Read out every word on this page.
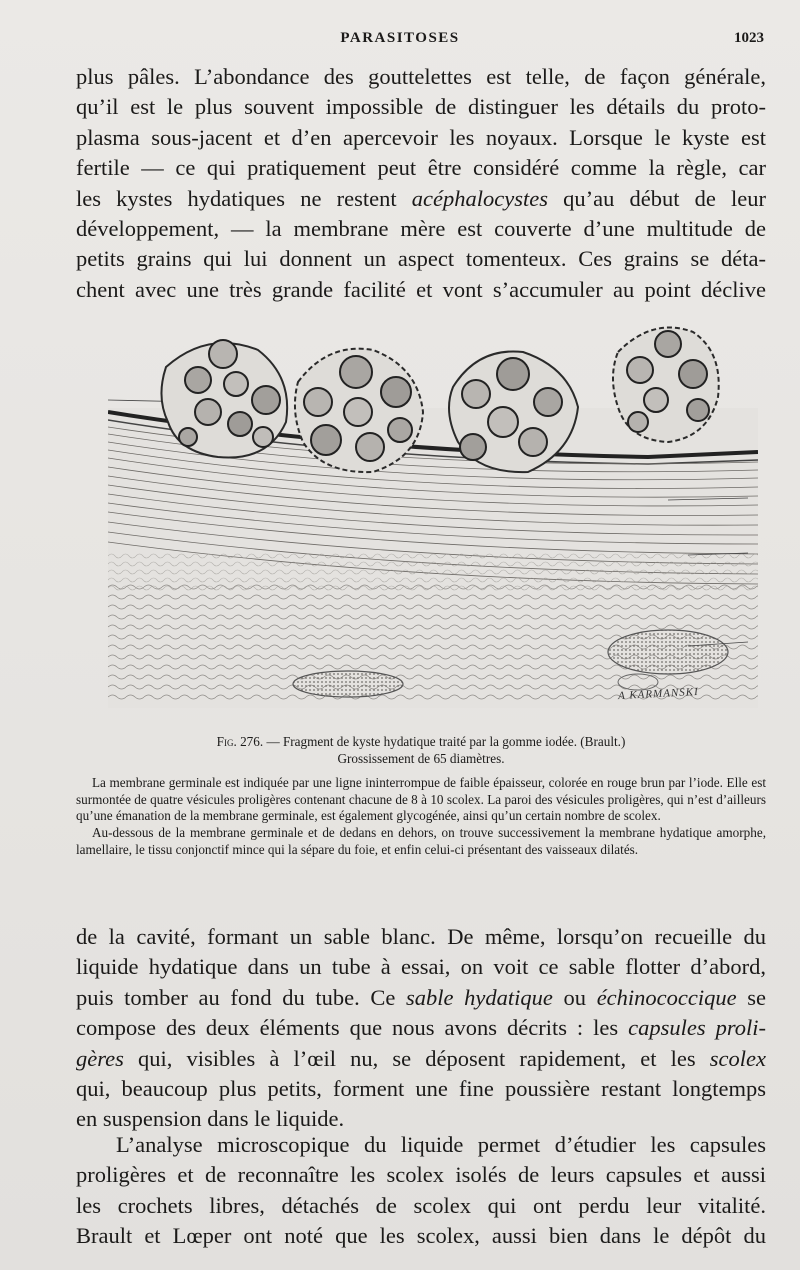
PARASITOSES	1023
plus pâles. L’abondance des gouttelettes est telle, de façon générale,
qu’il est le plus souvent impossible de distinguer les détails du proto-
plasma sous-jacent et d’en apercevoir les noyaux. Lorsque le kyste est
fertile — ce qui pratiquement peut être considéré comme la règle, car
les kystes hydatiques ne restent acéphalocystes qu’au début de leur
développement, — la membrane mère est couverte d’une multitude de
petits grains qui lui donnent un aspect tomenteux. Ces grains se déta-
chent avec une très grande facilité et vont s’accumuler au point déclive
A KARMANSKI
Fig. 276. — Fragment de kyste hydatique traité par la gomme iodée. (Brault.)
Grossissement de 65 diamètres.

La membrane germinale est indiquée par une ligne ininterrompue de faible épaisseur, colorée en rouge brun par l’iode. Elle est surmontée de quatre vésicules proligères contenant chacune de 8 à 10 scolex. La paroi des vésicules proligères, qui n’est d’ailleurs qu’une émanation de la membrane germinale, est également glycogénée, ainsi qu’un certain nombre de scolex.

Au-dessous de la membrane germinale et de dedans en dehors, on trouve successivement la membrane hydatique amorphe, lamellaire, le tissu conjonctif mince qui la sépare du foie, et enfin celui-ci présentant des vaisseaux dilatés.

de la cavité, formant un sable blanc. De même, lorsqu’on recueille du
liquide hydatique dans un tube à essai, on voit ce sable flotter d’abord,
puis tomber au fond du tube. Ce sable hydatique ou échinococcique se
compose des deux éléments que nous avons décrits : les capsules proli-
gères qui, visibles à l’œil nu, se déposent rapidement, et les scolex
qui, beaucoup plus petits, forment une fine poussière restant longtemps
en suspension dans le liquide.
L’analyse microscopique du liquide permet d’étudier les capsules
proligères et de reconnaître les scolex isolés de leurs capsules et aussi
les crochets libres, détachés de scolex qui ont perdu leur vitalité.
Brault et Lœper ont noté que les scolex, aussi bien dans le dépôt du
